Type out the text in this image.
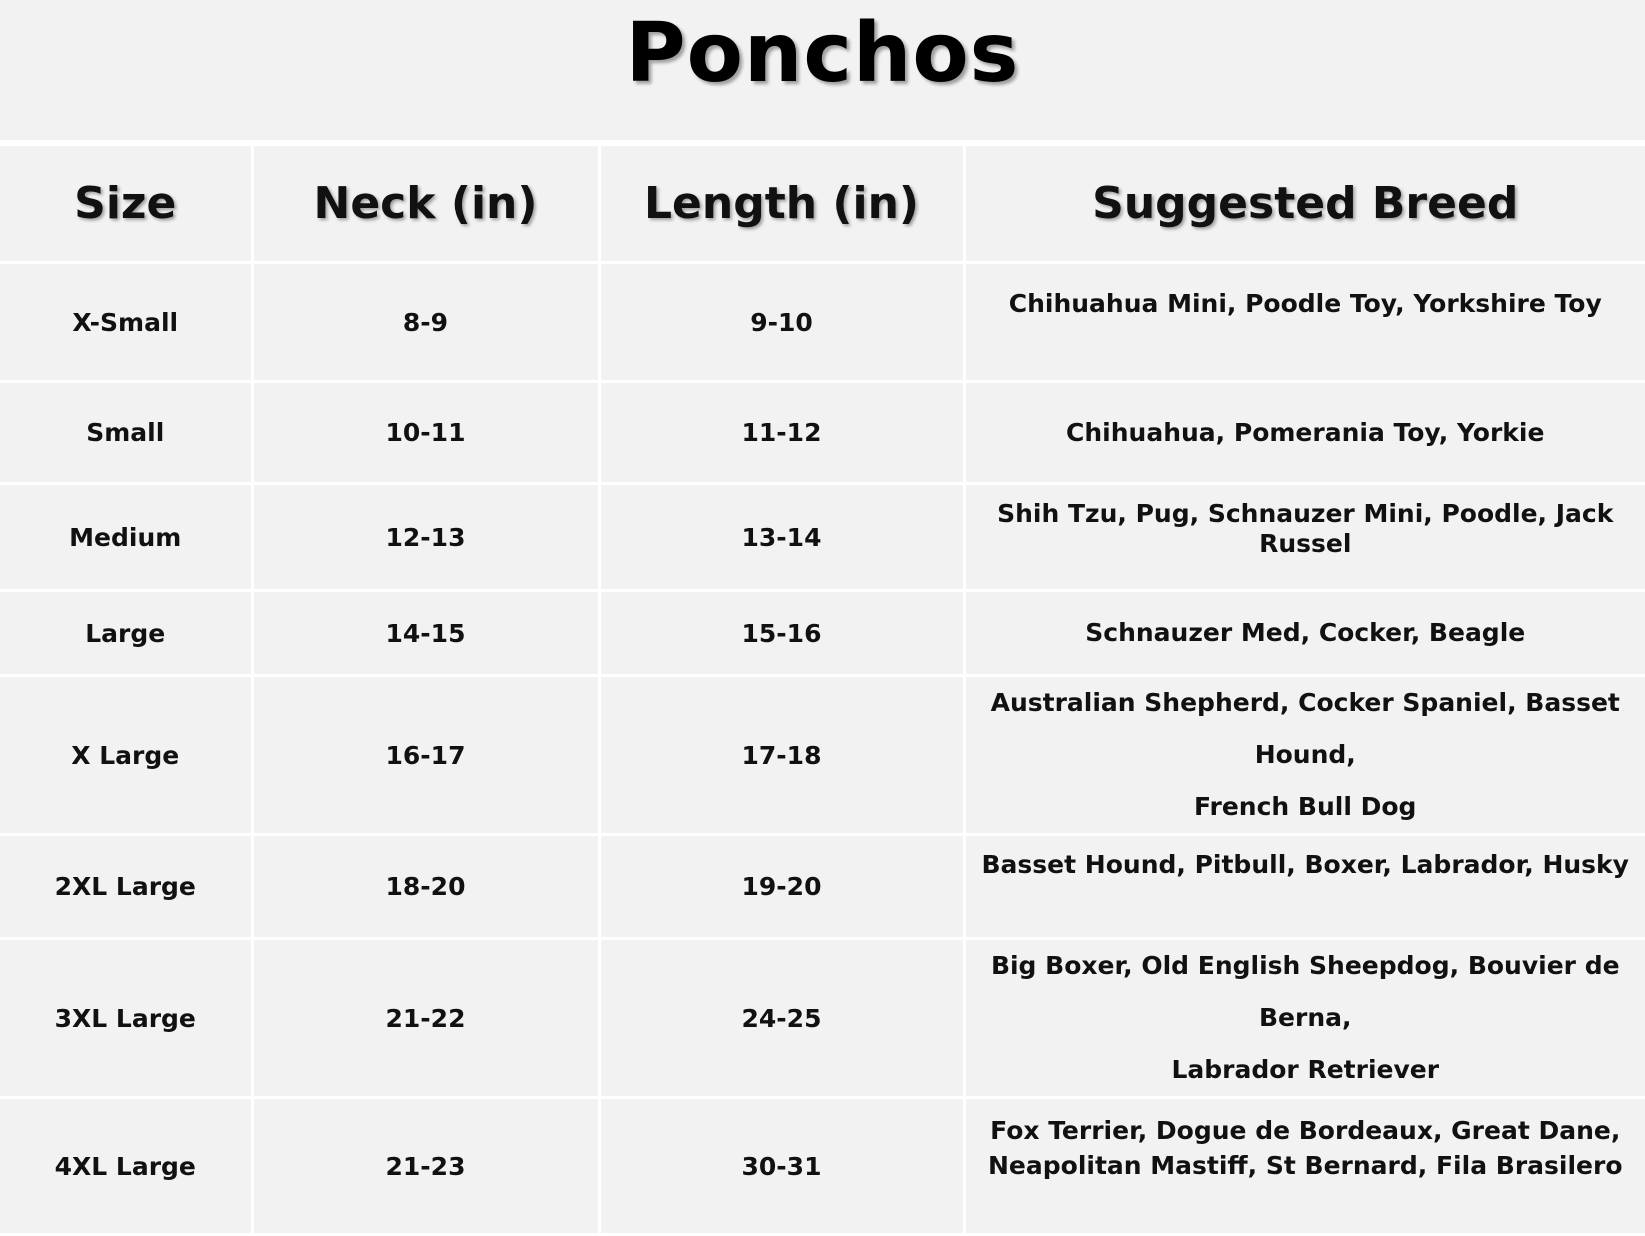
Ponchos
Size	Neck (in)	Length (in)	Suggested Breed
X-Small	8-9	9-10	Chihuahua Mini, Poodle Toy, Yorkshire Toy

Small	10-11	11-12	Chihuahua, Pomerania Toy, Yorkie

Medium	12-13	13-14	Shih Tzu, Pug, Schnauzer Mini, Poodle, Jack Russel

Large	14-15	15-16	Schnauzer Med, Cocker, Beagle

X Large	16-17	17-18	Australian Shepherd, Cocker Spaniel, Basset Hound,
French Bull Dog

2XL Large	18-20	19-20	Basset Hound, Pitbull, Boxer, Labrador, Husky

3XL Large	21-22	24-25	Big Boxer, Old English Sheepdog, Bouvier de Berna,
Labrador Retriever

4XL Large	21-23	30-31	Fox Terrier, Dogue de Bordeaux, Great Dane,
Neapolitan Mastiff, St Bernard, Fila Brasilero
